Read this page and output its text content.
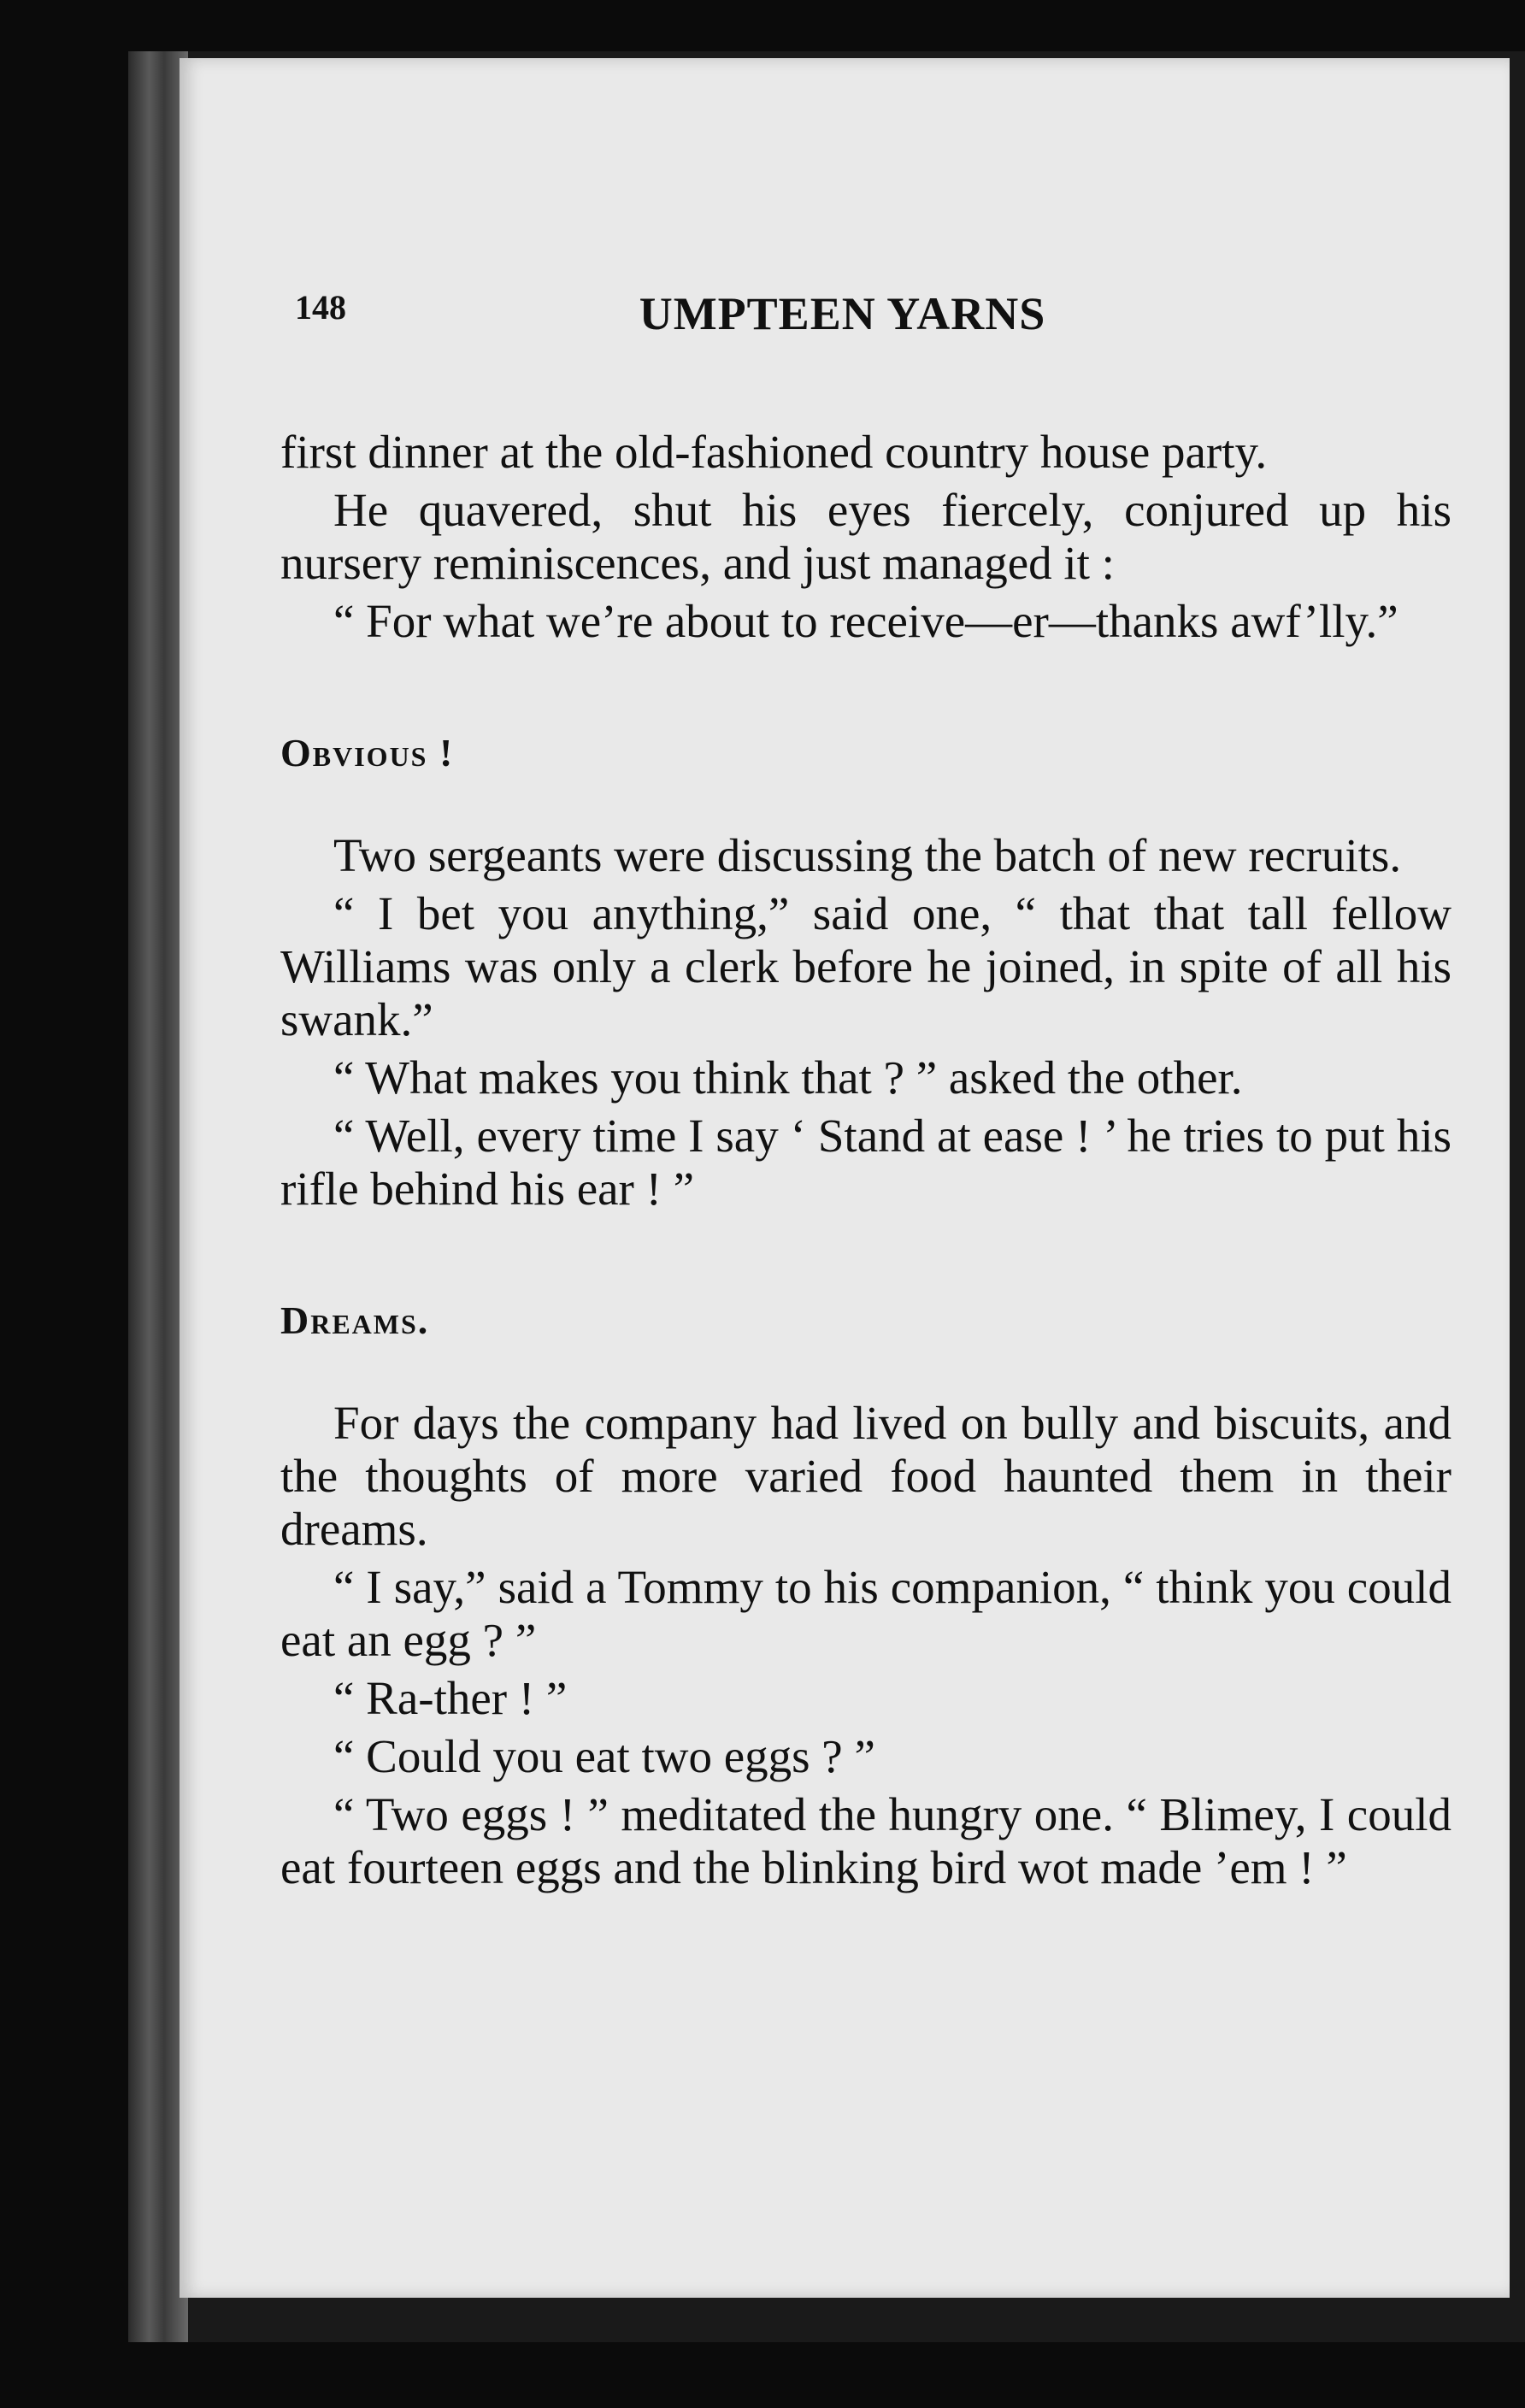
148	UMPTEEN YARNS

first dinner at the old-fashioned country house party.

He quavered, shut his eyes fiercely, conjured up his nursery reminiscences, and just managed it :

“ For what we’re about to receive—er—thanks awf’lly.”

Obvious !

Two sergeants were discussing the batch of new recruits.

“ I bet you anything,” said one, “ that that tall fellow Williams was only a clerk before he joined, in spite of all his swank.”

“ What makes you think that ? ” asked the other.

“ Well, every time I say ‘ Stand at ease ! ’ he tries to put his rifle behind his ear ! ”

Dreams.

For days the company had lived on bully and biscuits, and the thoughts of more varied food haunted them in their dreams.

“ I say,” said a Tommy to his companion, “ think you could eat an egg ? ”

“ Ra-ther ! ”

“ Could you eat two eggs ? ”

“ Two eggs ! ” meditated the hungry one. “ Blimey, I could eat fourteen eggs and the blinking bird wot made ’em ! ”
